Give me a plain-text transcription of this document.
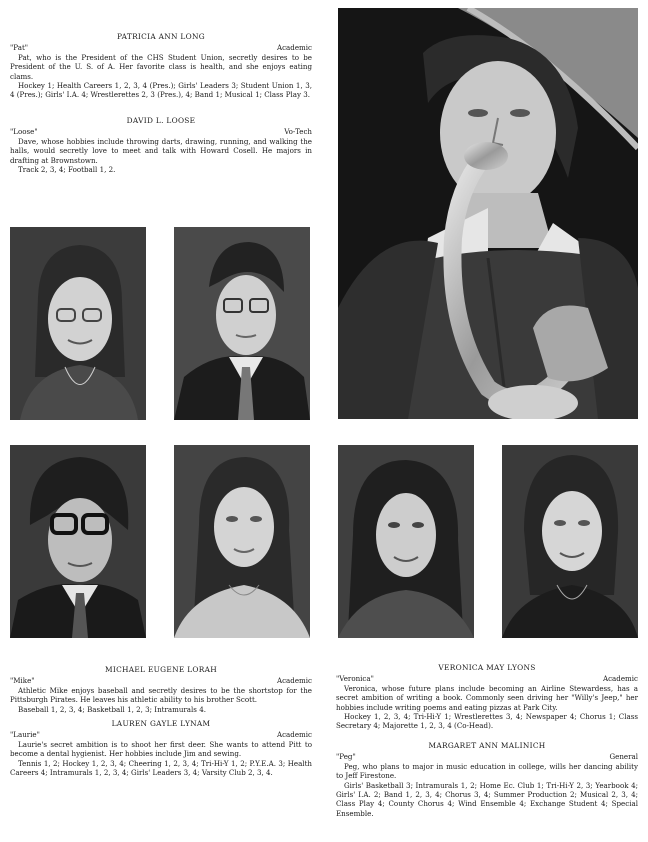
PATRICIA ANN LONG
"Pat"	Academic
Pat, who is the President of the CHS Student Union, secretly desires to be President of the U. S. of A. Her favorite class is health, and she enjoys eating clams.
Hockey 1; Health Careers 1, 2, 3, 4 (Pres.); Girls' Leaders 3; Student Union 1, 3, 4 (Pres.); Girls' I.A. 4; Wrestlerettes 2, 3 (Pres.), 4; Band 1; Musical 1; Class Play 3.
DAVID L. LOOSE
"Loose"	Vo-Tech
Dave, whose hobbies include throwing darts, drawing, running, and walking the halls, would secretly love to meet and talk with Howard Cosell. He majors in drafting at Brownstown.
Track 2, 3, 4; Football 1, 2.
MICHAEL EUGENE LORAH
"Mike"	Academic
Athletic Mike enjoys baseball and secretly desires to be the shortstop for the Pittsburgh Pirates. He leaves his athletic ability to his brother Scott.
Baseball 1, 2, 3, 4; Basketball 1, 2, 3; Intramurals 4.
LAUREN GAYLE LYNAM
"Laurie"	Academic
Laurie's secret ambition is to shoot her first deer. She wants to attend Pitt to become a dental hygienist. Her hobbies include Jim and sewing.
Tennis 1, 2; Hockey 1, 2, 3, 4; Cheering 1, 2, 3, 4; Tri-Hi-Y 1, 2; P.Y.E.A. 3; Health Careers 4; Intramurals 1, 2, 3, 4; Girls' Leaders 3, 4; Varsity Club 2, 3, 4.
VERONICA MAY LYONS
"Veronica"	Academic
Veronica, whose future plans include becoming an Airline Stewardess, has a secret ambition of writing a book. Commonly seen driving her "Willy's Jeep," her hobbies include writing poems and eating pizzas at Park City.
Hockey 1, 2, 3, 4; Tri-Hi-Y 1; Wrestlerettes 3, 4; Newspaper 4; Chorus 1; Class Secretary 4; Majorette 1, 2, 3, 4 (Co-Head).
MARGARET ANN MALINICH
"Peg"	General
Peg, who plans to major in music education in college, wills her dancing ability to Jeff Firestone.
Girls' Basketball 3; Intramurals 1, 2; Home Ec. Club 1; Tri-Hi-Y 2, 3; Yearbook 4; Girls' I.A. 2; Band 1, 2, 3, 4; Chorus 3, 4; Summer Production 2; Musical 2, 3, 4; Class Play 4; County Chorus 4; Wind Ensemble 4; Exchange Student 4; Special Ensemble.
